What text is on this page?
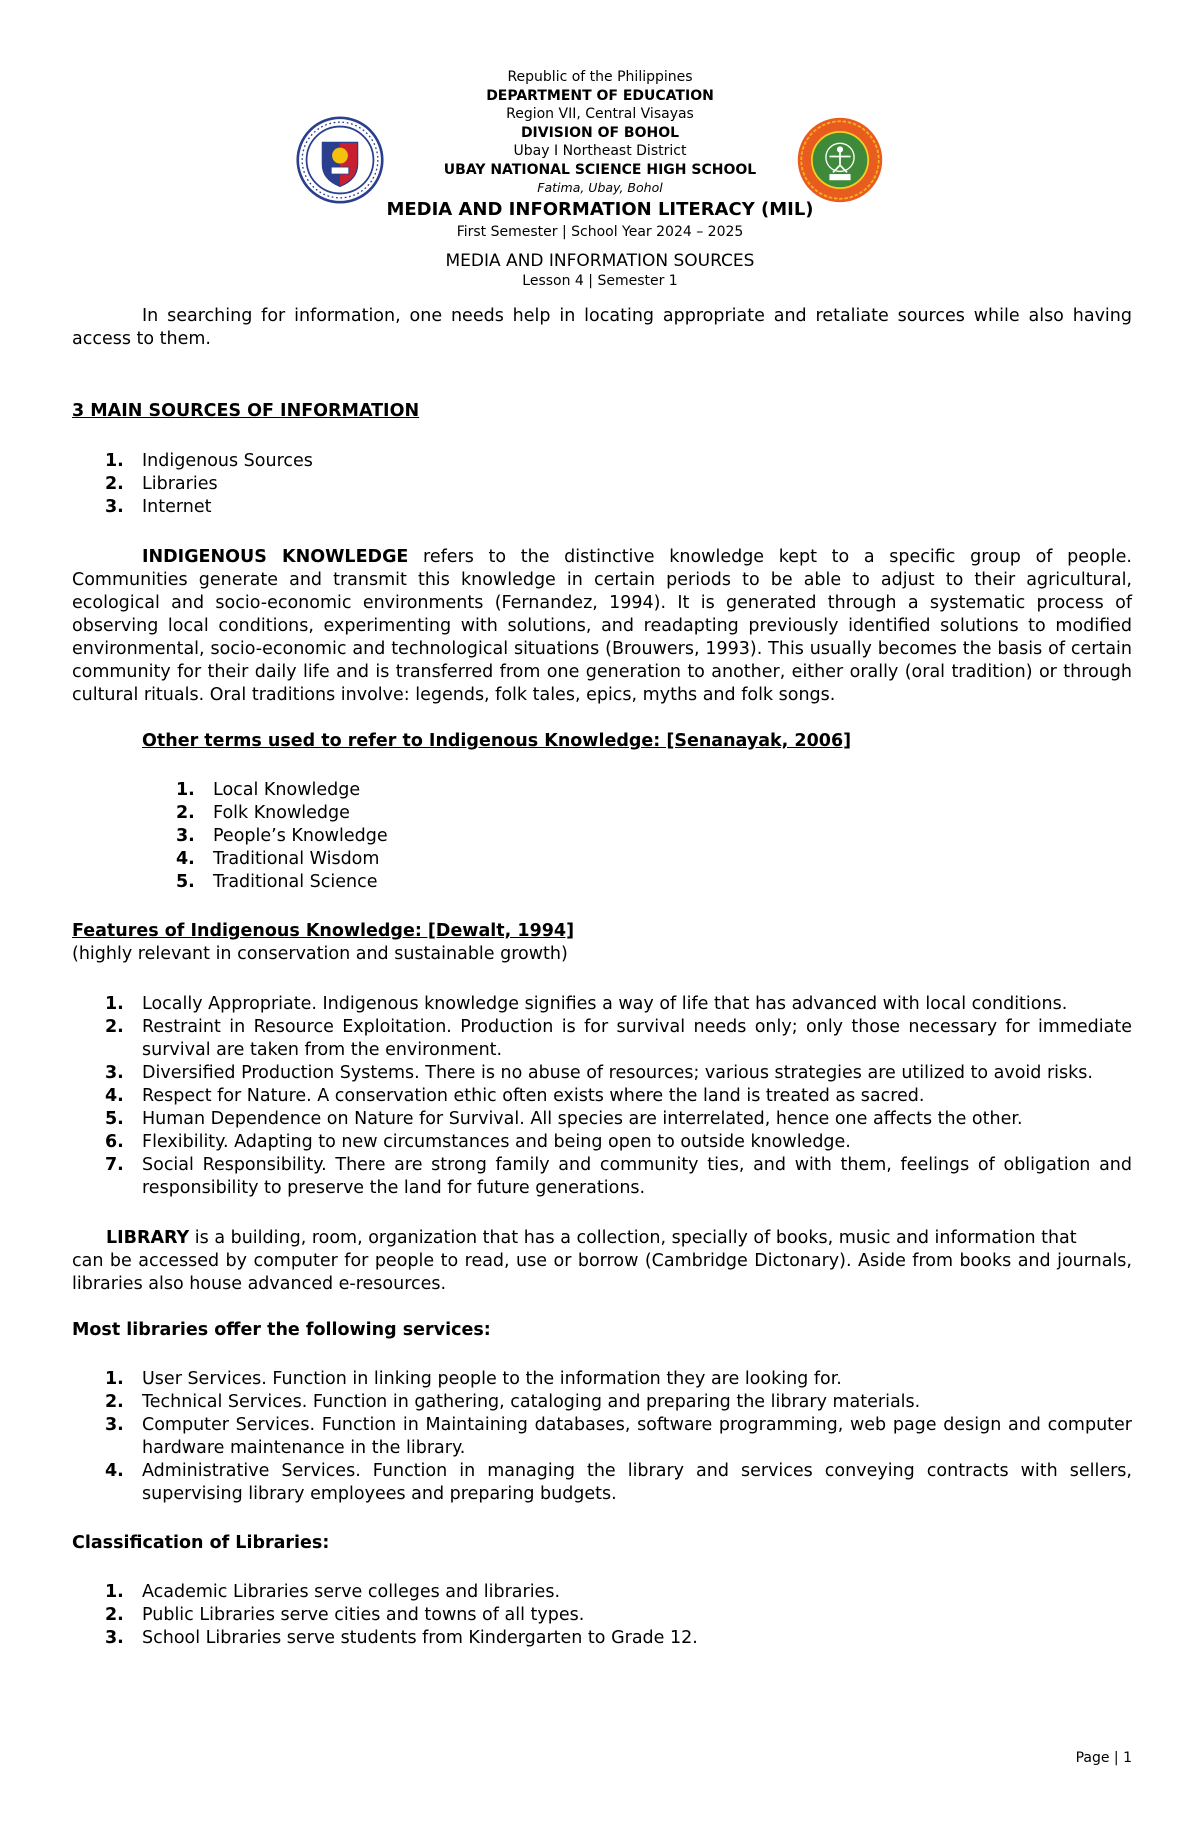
Republic of the Philippines
DEPARTMENT OF EDUCATION
Region VII, Central Visayas
DIVISION OF BOHOL
Ubay I Northeast District
UBAY NATIONAL SCIENCE HIGH SCHOOL
Fatima, Ubay, Bohol
MEDIA AND INFORMATION LITERACY (MIL)
First Semester | School Year 2024 – 2025
MEDIA AND INFORMATION SOURCES
Lesson 4 | Semester 1

In searching for information, one needs help in locating appropriate and retaliate sources while also having access to them.

3 MAIN SOURCES OF INFORMATION

1. Indigenous Sources
2. Libraries
3. Internet

INDIGENOUS KNOWLEDGE refers to the distinctive knowledge kept to a specific group of people. Communities generate and transmit this knowledge in certain periods to be able to adjust to their agricultural, ecological and socio-economic environments (Fernandez, 1994). It is generated through a systematic process of observing local conditions, experimenting with solutions, and readapting previously identified solutions to modified environmental, socio-economic and technological situations (Brouwers, 1993). This usually becomes the basis of certain community for their daily life and is transferred from one generation to another, either orally (oral tradition) or through cultural rituals. Oral traditions involve: legends, folk tales, epics, myths and folk songs.

Other terms used to refer to Indigenous Knowledge: [Senanayak, 2006]

1. Local Knowledge
2. Folk Knowledge
3. People’s Knowledge
4. Traditional Wisdom
5. Traditional Science

Features of Indigenous Knowledge: [Dewalt, 1994]

(highly relevant in conservation and sustainable growth)

1. Locally Appropriate. Indigenous knowledge signifies a way of life that has advanced with local conditions.
2. Restraint in Resource Exploitation. Production is for survival needs only; only those necessary for immediate survival are taken from the environment.
3. Diversified Production Systems. There is no abuse of resources; various strategies are utilized to avoid risks.
4. Respect for Nature. A conservation ethic often exists where the land is treated as sacred.
5. Human Dependence on Nature for Survival. All species are interrelated, hence one affects the other.
6. Flexibility. Adapting to new circumstances and being open to outside knowledge.
7. Social Responsibility. There are strong family and community ties, and with them, feelings of obligation and responsibility to preserve the land for future generations.

LIBRARY is a building, room, organization that has a collection, specially of books, music and information that

can be accessed by computer for people to read, use or borrow (Cambridge Dictonary). Aside from books and journals, libraries also house advanced e-resources.

Most libraries offer the following services:

1. User Services. Function in linking people to the information they are looking for.
2. Technical Services. Function in gathering, cataloging and preparing the library materials.
3. Computer Services. Function in Maintaining databases, software programming, web page design and computer hardware maintenance in the library.
4. Administrative Services. Function in managing the library and services conveying contracts with sellers, supervising library employees and preparing budgets.

Classification of Libraries:

1. Academic Libraries serve colleges and libraries.
2. Public Libraries serve cities and towns of all types.
3. School Libraries serve students from Kindergarten to Grade 12.
Page | 1
